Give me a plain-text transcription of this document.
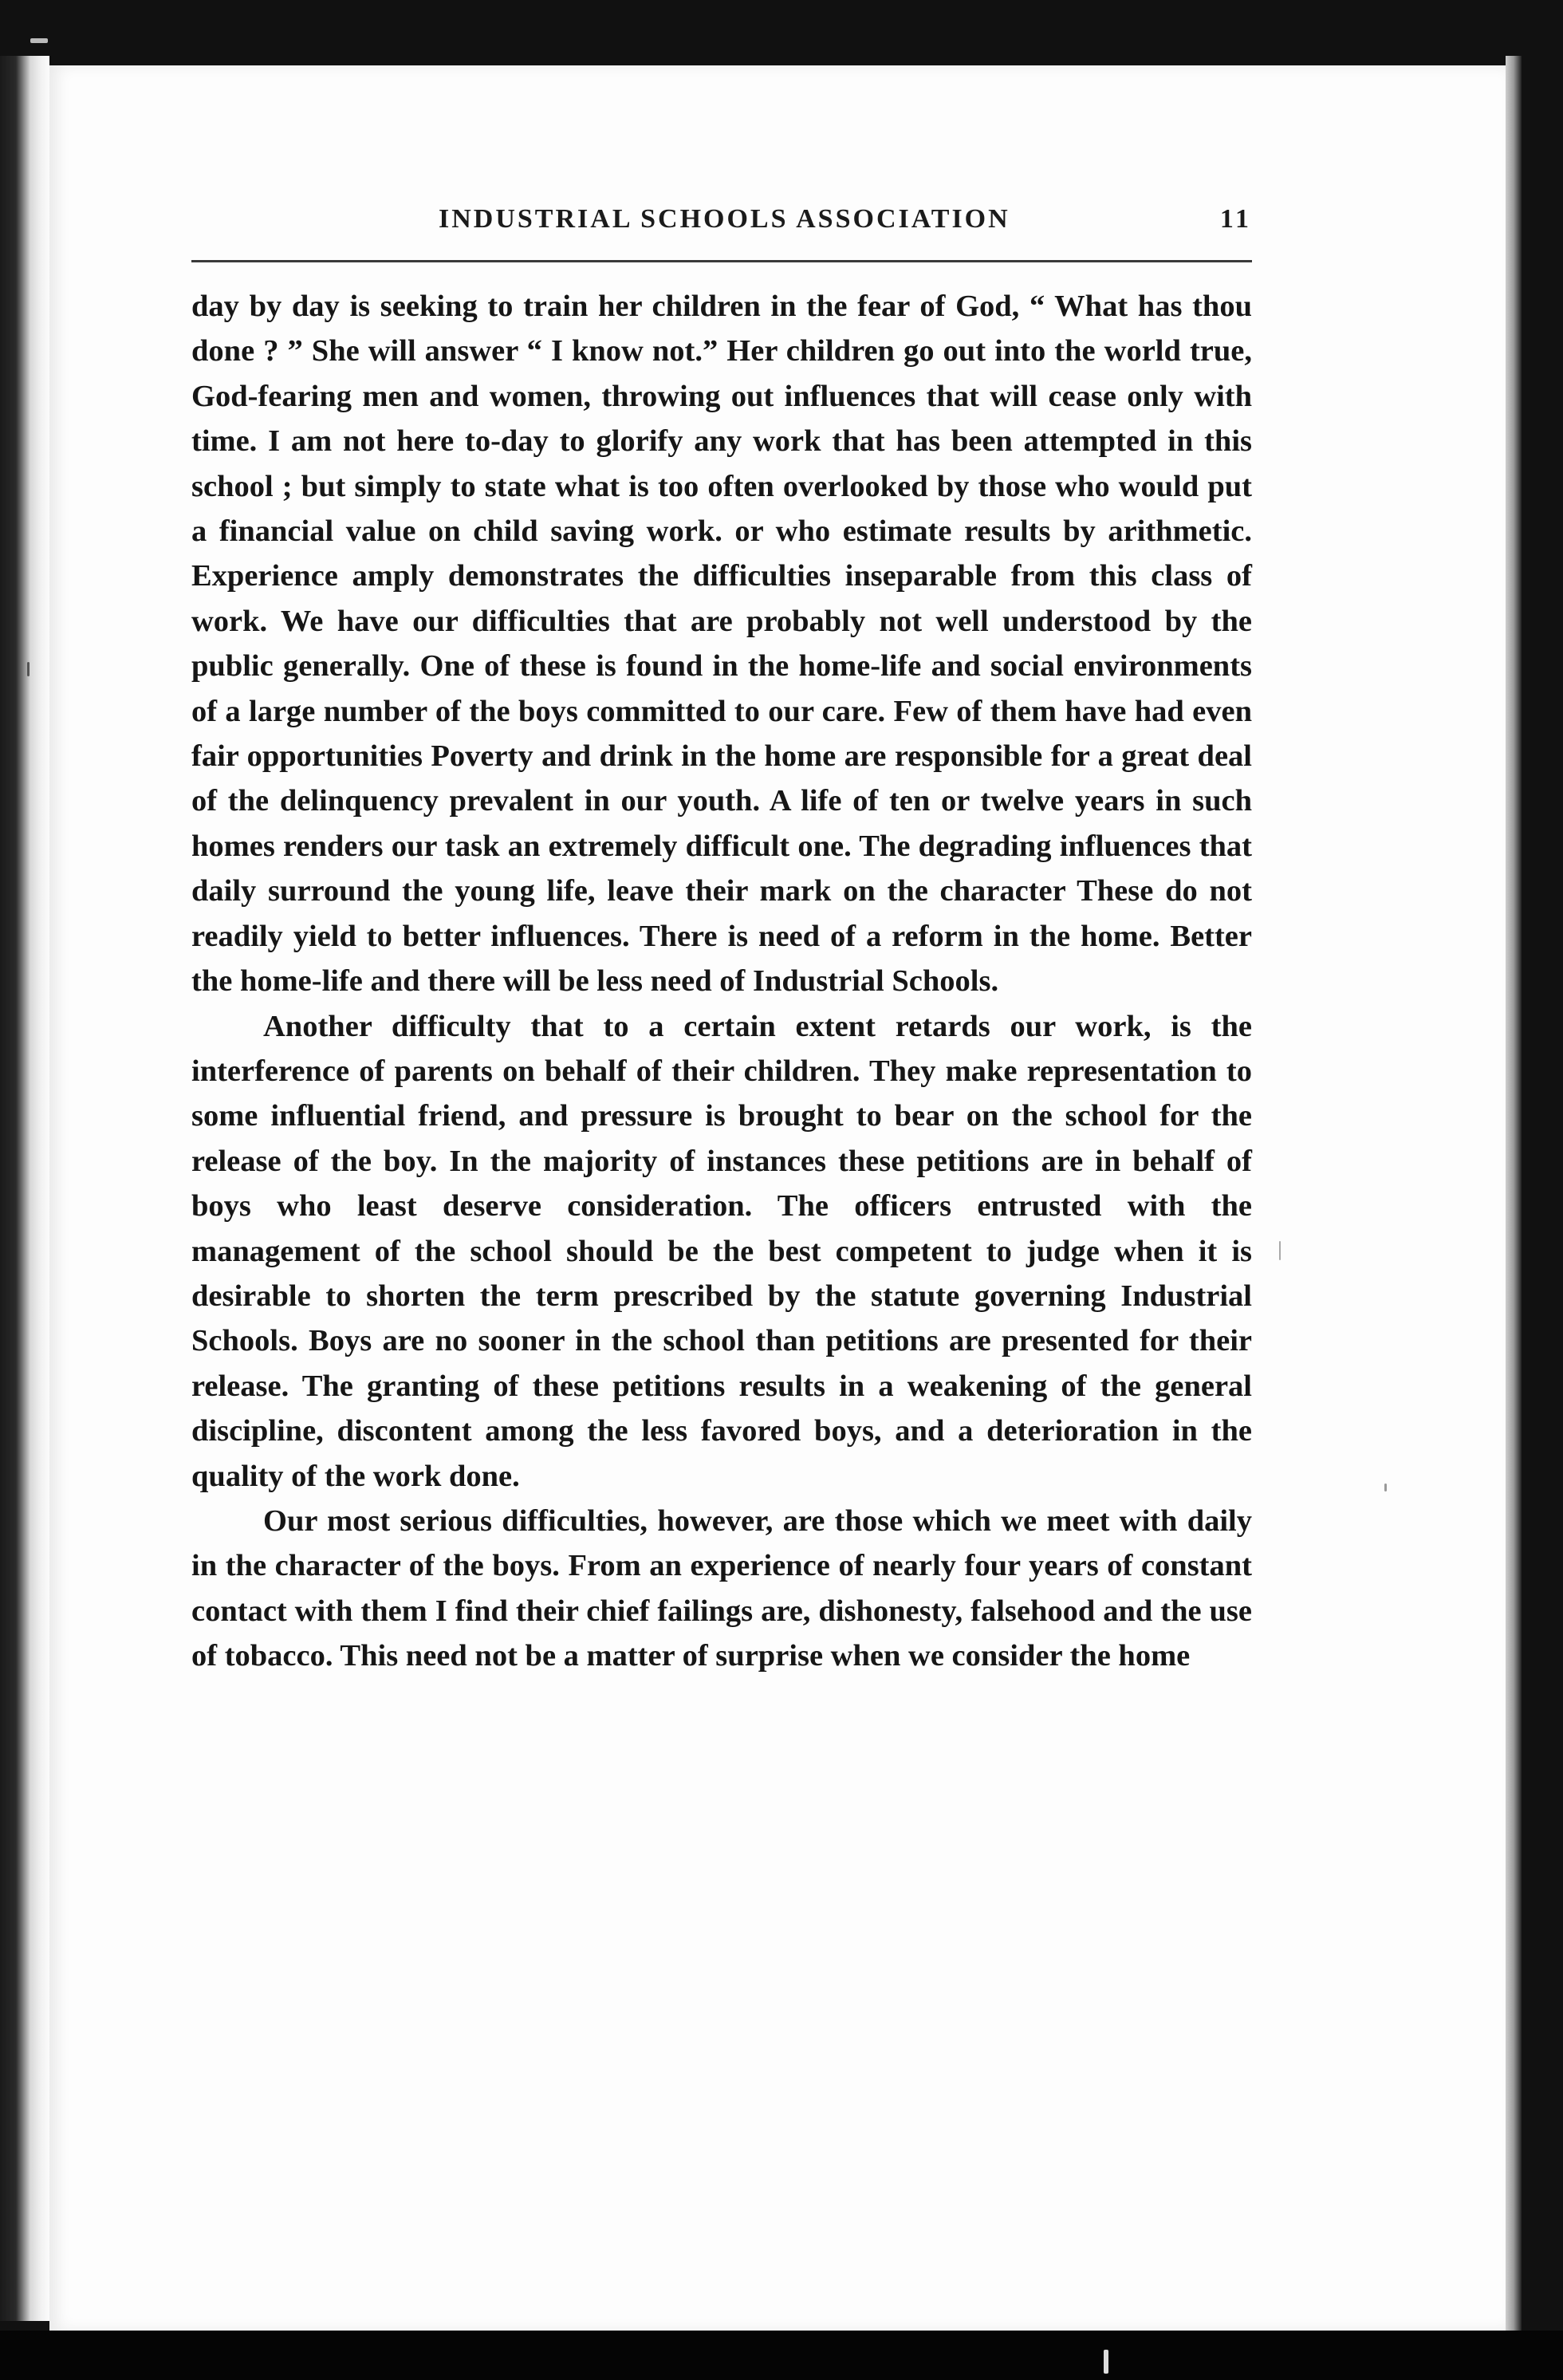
INDUSTRIAL SCHOOLS ASSOCIATION	11

day by day is seeking to train her children in the fear of God, “ What has thou done ? ” She will answer “ I know not.” Her children go out into the world true, God-fearing men and women, throwing out influences that will cease only with time. I am not here to-day to glorify any work that has been attempted in this school ; but simply to state what is too often overlooked by those who would put a financial value on child saving work. or who estimate results by arithmetic. Experience amply demonstrates the difficulties inseparable from this class of work. We have our difficulties that are probably not well understood by the public generally. One of these is found in the home-life and social environments of a large number of the boys committed to our care. Few of them have had even fair opportunities Poverty and drink in the home are responsible for a great deal of the delinquency prevalent in our youth. A life of ten or twelve years in such homes renders our task an extremely difficult one. The degrading influences that daily surround the young life, leave their mark on the character These do not readily yield to better influences. There is need of a reform in the home. Better the home-life and there will be less need of Industrial Schools.

Another difficulty that to a certain extent retards our work, is the interference of parents on behalf of their children. They make representation to some influential friend, and pressure is brought to bear on the school for the release of the boy. In the majority of instances these petitions are in behalf of boys who least deserve consideration. The officers entrusted with the management of the school should be the best competent to judge when it is desirable to shorten the term prescribed by the statute governing Industrial Schools. Boys are no sooner in the school than petitions are presented for their release. The granting of these petitions results in a weakening of the general discipline, discontent among the less favored boys, and a deterioration in the quality of the work done.

Our most serious difficulties, however, are those which we meet with daily in the character of the boys. From an experience of nearly four years of constant contact with them I find their chief failings are, dishonesty, falsehood and the use of tobacco. This need not be a matter of surprise when we consider the home
